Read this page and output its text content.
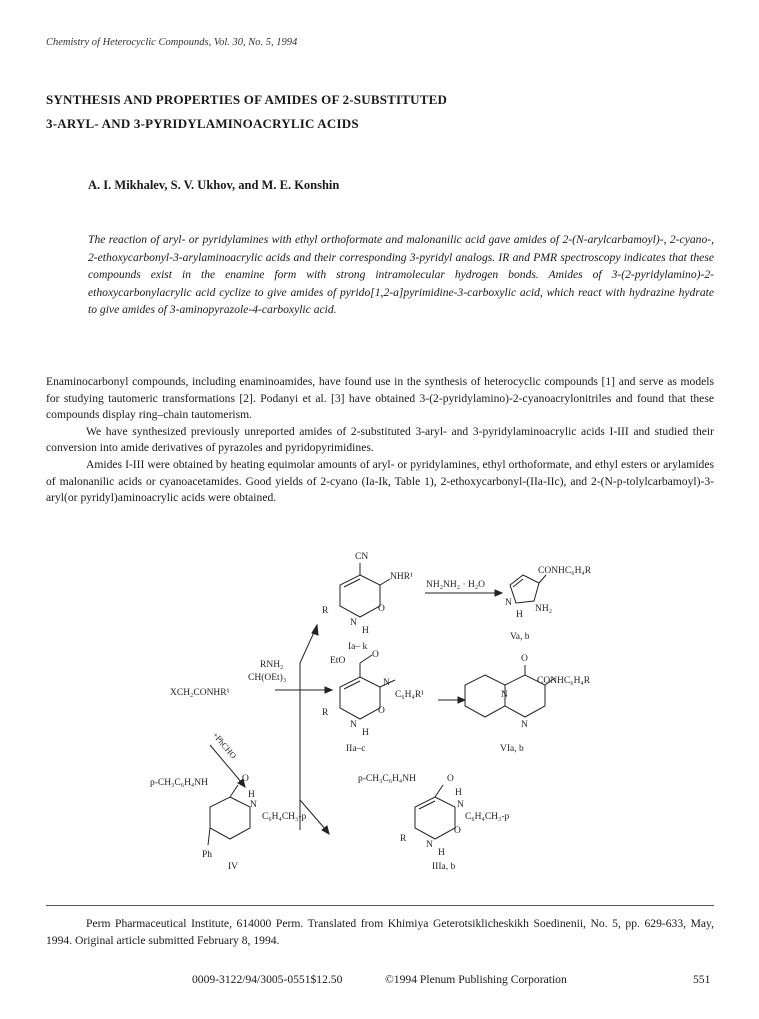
Chemistry of Heterocyclic Compounds, Vol. 30, No. 5, 1994
SYNTHESIS AND PROPERTIES OF AMIDES OF 2-SUBSTITUTED
3-ARYL- AND 3-PYRIDYLAMINOACRYLIC ACIDS
A. I. Mikhalev, S. V. Ukhov, and M. E. Konshin
The reaction of aryl- or pyridylamines with ethyl orthoformate and malonanilic acid gave amides of 2-(N-arylcarbamoyl)-, 2-cyano-, 2-ethoxycarbonyl-3-arylaminoacrylic acids and their corresponding 3-pyridyl analogs. IR and PMR spectroscopy indicates that these compounds exist in the enamine form with strong intramolecular hydrogen bonds. Amides of 3-(2-pyridylamino)-2-ethoxycarbonylacrylic acid cyclize to give amides of pyrido[1,2-a]pyrimidine-3-carboxylic acid, which react with hydrazine hydrate to give amides of 3-aminopyrazole-4-carboxylic acid.

Enaminocarbonyl compounds, including enaminoamides, have found use in the synthesis of heterocyclic compounds [1] and serve as models for studying tautomeric transformations [2]. Podanyi et al. [3] have obtained 3-(2-pyridylamino)-2-cyanoacrylonitriles and found that these compounds display ring–chain tautomerism.

We have synthesized previously unreported amides of 2-substituted 3-aryl- and 3-pyridylaminoacrylic acids I-III and studied their conversion into amide derivatives of pyrazoles and pyridopyrimidines.

Amides I-III were obtained by heating equimolar amounts of aryl- or pyridylamines, ethyl orthoformate, and ethyl esters or arylamides of malonanilic acids or cyanoacetamides. Good yields of 2-cyano (Ia-Ik, Table 1), 2-ethoxycarbonyl-(IIa-IIc), and 2-(N-p-tolylcarbamoyl)-3-aryl(or pyridyl)aminoacrylic acids were obtained.

CN
NHR¹
NH₂NH₂ · H₂O
CONHC₆H₄R
NH₂
N
H
N
R
H
O
Ia– k
Va, b
RNH₂
CH(OEt)₃
XCH₂CONHR¹
EtO
O
N
C₆H₄R¹
N
R
H
O
IIa–c
O
CONHC₆H₄R
N
N
VIa, b
+PhCHO
p-CH₃C₆H₄NH	O
H
N
C₆H₄CH₃-p
Ph
IV
p-CH₃C₆H₄NH	O
H
N
C₆H₄CH₃-p
N
R
H
O
IIIa, b
Perm Pharmaceutical Institute, 614000 Perm. Translated from Khimiya Geterotsiklicheskikh Soedinenii, No. 5, pp. 629-633, May, 1994. Original article submitted February 8, 1994.
0009-3122/94/3005-0551$12.50	©1994 Plenum Publishing Corporation	551
